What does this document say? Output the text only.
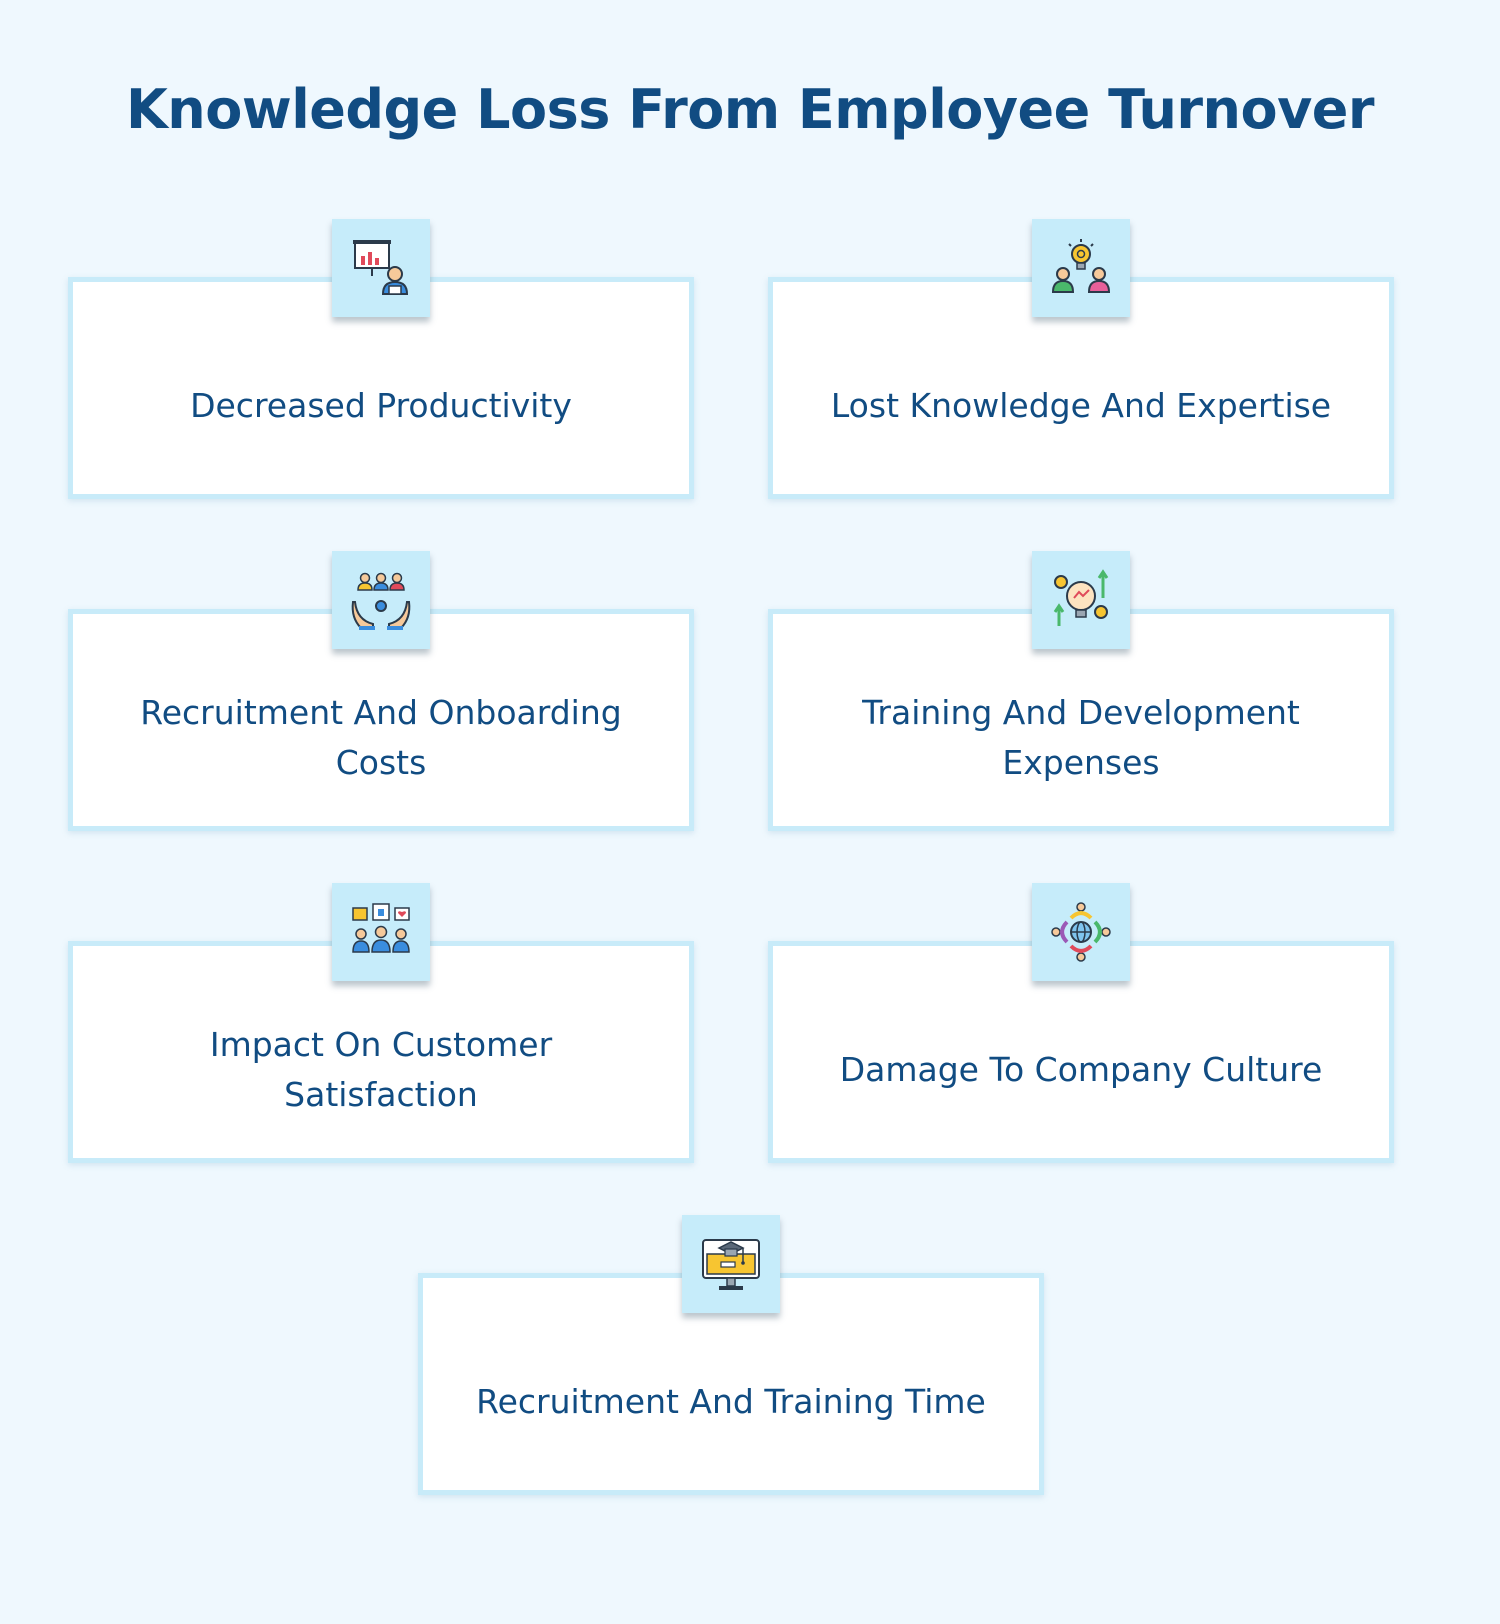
Knowledge Loss From Employee Turnover
Decreased Productivity	Lost Knowledge And Expertise
Recruitment And Onboarding Costs
Training And Development Expenses
Impact On Customer Satisfaction
Damage To Company Culture
Recruitment And Training Time
